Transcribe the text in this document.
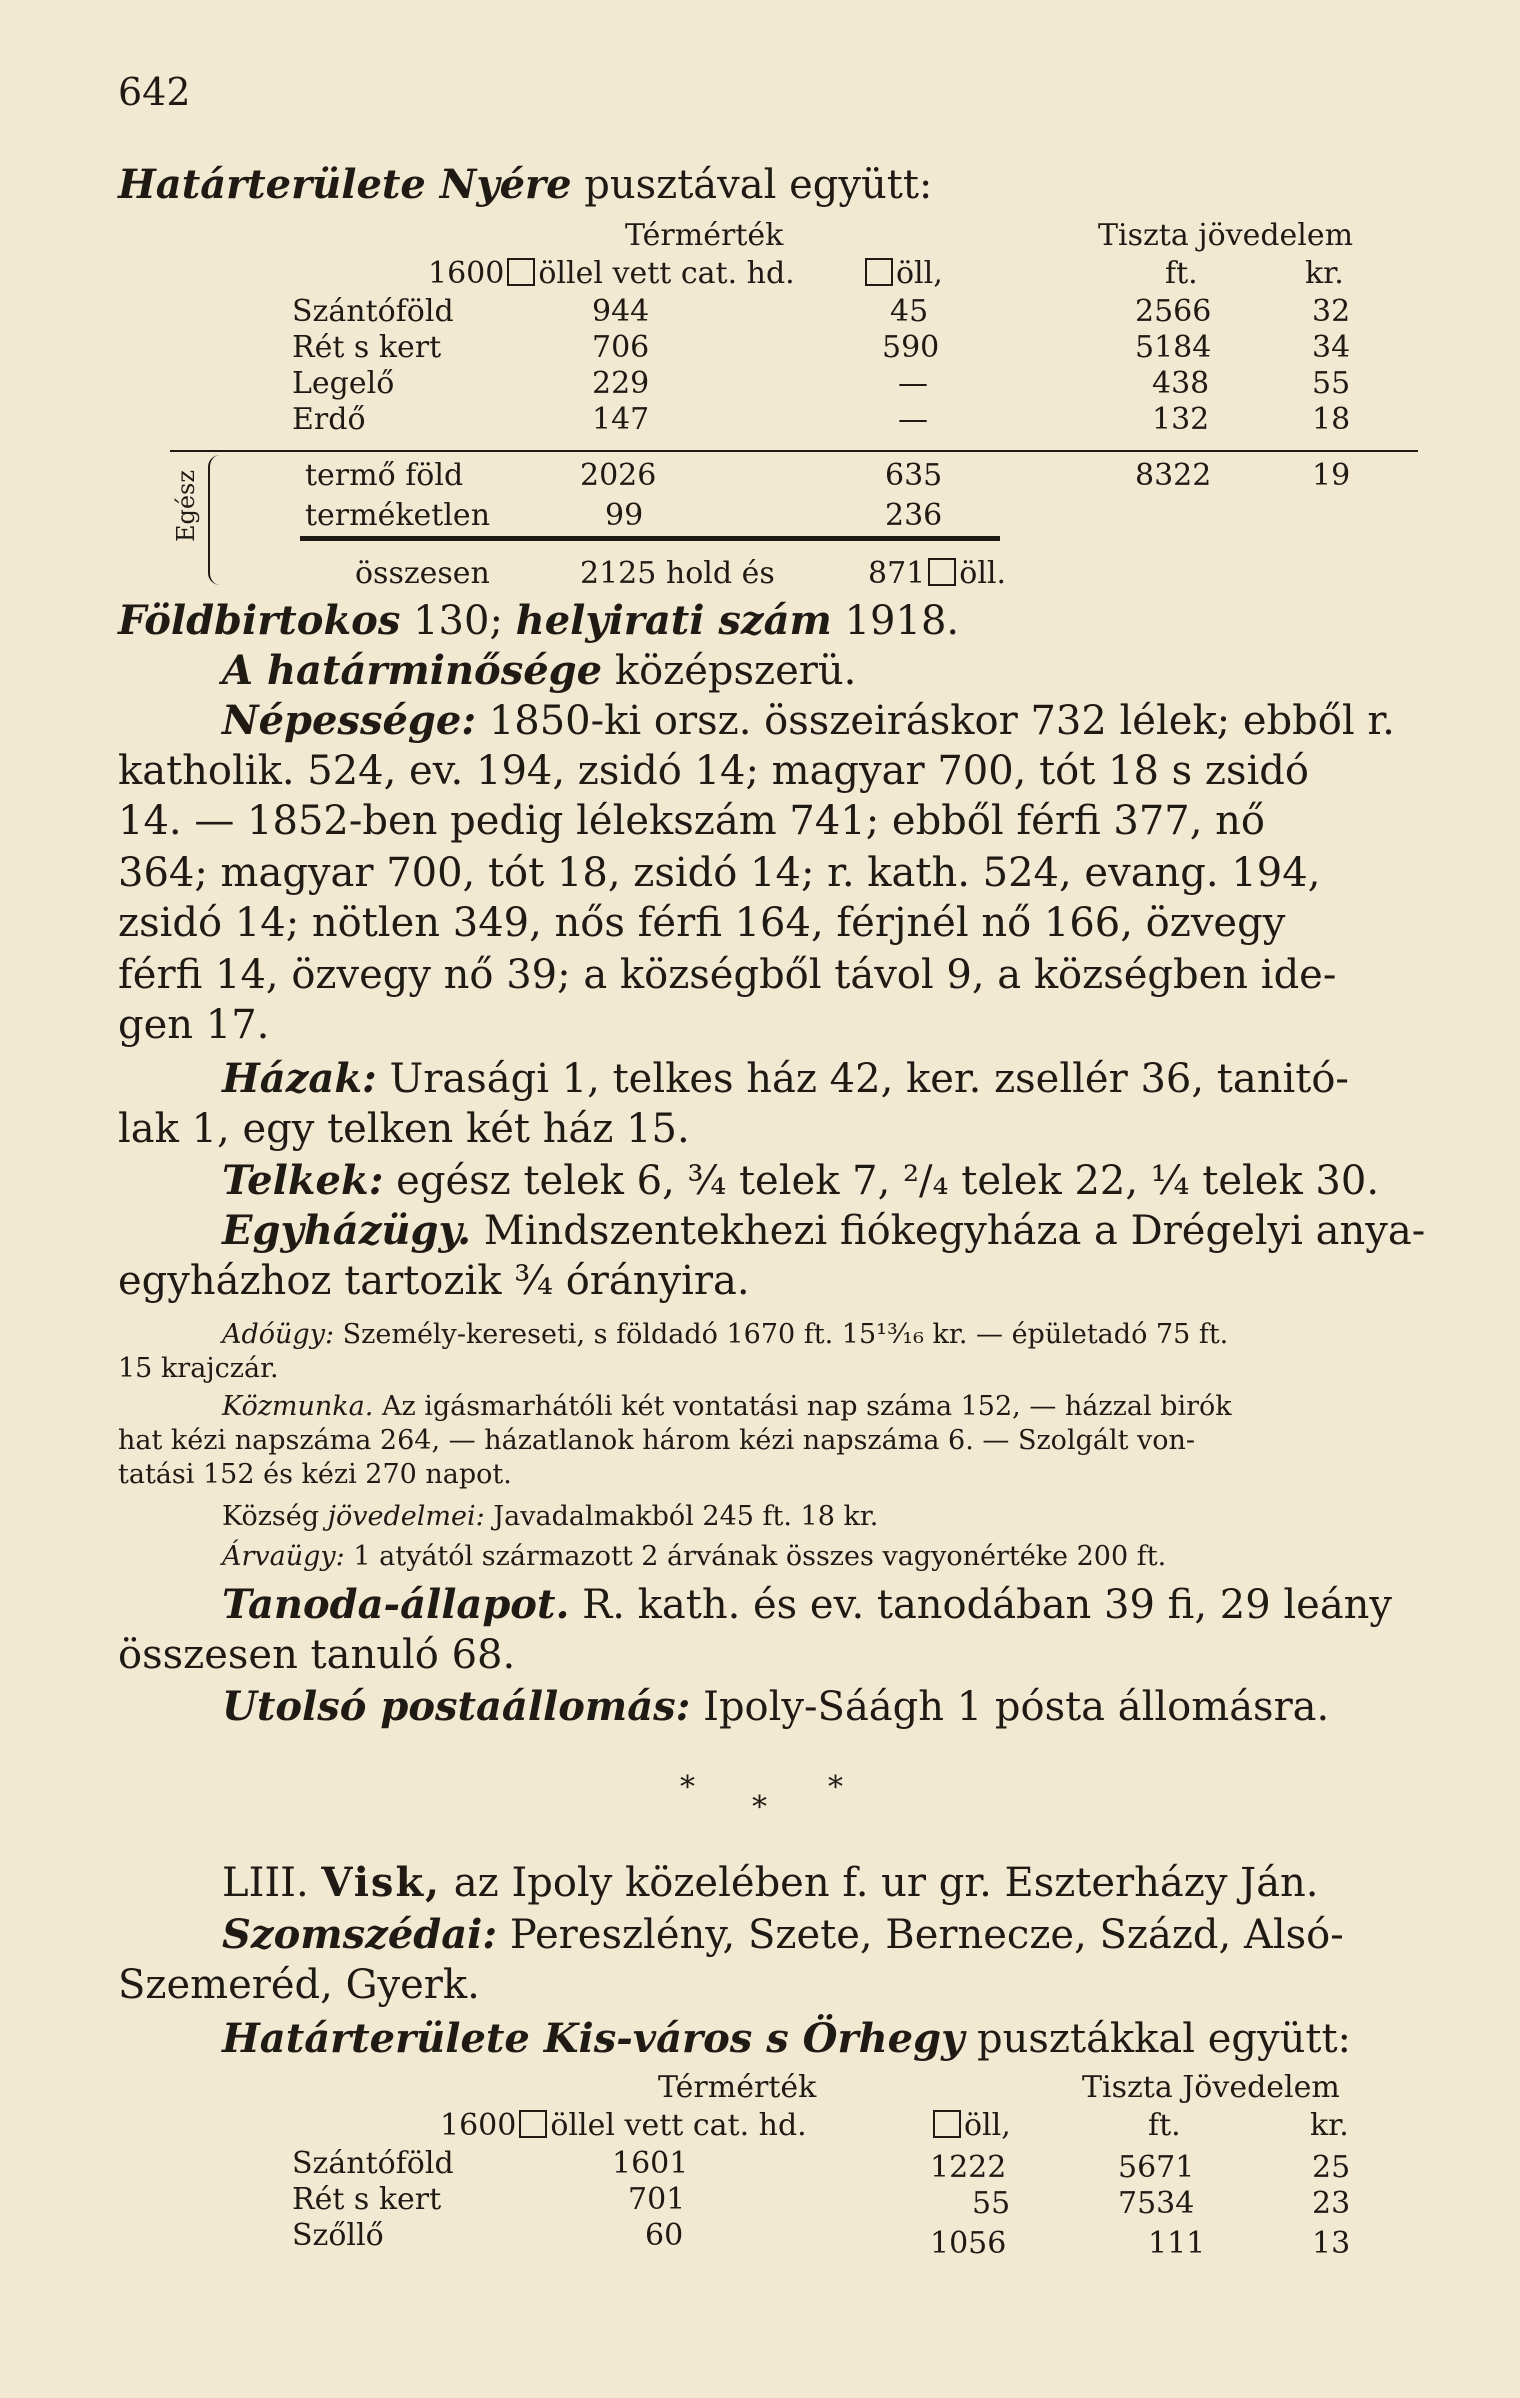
642
Határterülete Nyére pusztával együtt:
Térmérték	Tiszta jövedelem
1600 öllel vett cat. hd.	öll,	ft.	kr.
Szántóföld	944	45	2566	32
Rét s kert	706	590	5184	34
Legelő	229	—	438	55
Erdő	147	—	132	18
termő föld	2026	635	8322	19
terméketlen	99	236
összesen	2125 hold és	871 öll.
Egész
Földbirtokos 130; helyirati szám 1918.
A határminősége középszerü.
Népessége: 1850-ki orsz. összeiráskor 732 lélek; ebből r.
katholik. 524, ev. 194, zsidó 14; magyar 700, tót 18 s zsidó
14. — 1852-ben pedig lélekszám 741; ebből férfi 377, nő
364; magyar 700, tót 18, zsidó 14; r. kath. 524, evang. 194,
zsidó 14; nötlen 349, nős férfi 164, férjnél nő 166, özvegy
férfi 14, özvegy nő 39; a községből távol 9, a községben ide-
gen 17.
Házak: Urasági 1, telkes ház 42, ker. zsellér 36, tanitó-
lak 1, egy telken két ház 15.
Telkek: egész telek 6, ¾ telek 7, ²/₄ telek 22, ¼ telek 30.
Egyházügy. Mindszentekhezi fiókegyháza a Drégelyi anya-
egyházhoz tartozik ¾ órányira.
Adóügy: Személy-kereseti, s földadó 1670 ft. 15¹³⁄₁₆ kr. — épületadó 75 ft.
15 krajczár.
Közmunka. Az igásmarhátóli két vontatási nap száma 152, — házzal birók
hat kézi napszáma 264, — házatlanok három kézi napszáma 6. — Szolgált von-
tatási 152 és kézi 270 napot.
Község jövedelmei: Javadalmakból 245 ft. 18 kr.
Árvaügy: 1 atyától származott 2 árvának összes vagyonértéke 200 ft.
Tanoda-állapot. R. kath. és ev. tanodában 39 fi, 29 leány
összesen tanuló 68.
Utolsó postaállomás: Ipoly-Sáágh 1 pósta állomásra.
*
*
*
LIII. Visk, az Ipoly közelében f. ur gr. Eszterházy Ján.
Szomszédai: Pereszlény, Szete, Bernecze, Százd, Alsó-
Szemeréd, Gyerk.
Határterülete Kis-város s Örhegy pusztákkal együtt:
Térmérték	Tiszta Jövedelem
1600 öllel vett cat. hd.	öll,	ft.	kr.
Szántóföld	1601	1222	5671	25
Rét s kert	701	55	7534	23
Szőllő	60	1056	111	13
